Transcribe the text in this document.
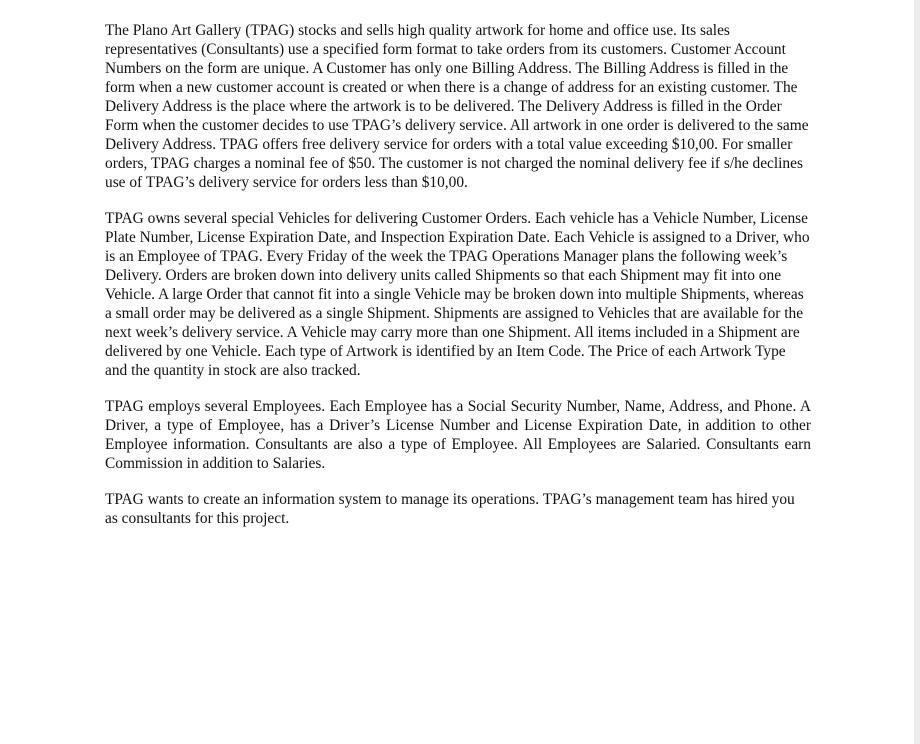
The Plano Art Gallery (TPAG) stocks and sells high quality artwork for home and office use. Its sales representatives (Consultants) use a specified form format to take orders from its customers. Customer Account Numbers on the form are unique. A Customer has only one Billing Address. The Billing Address is filled in the form when a new customer account is created or when there is a change of address for an existing customer. The Delivery Address is the place where the artwork is to be delivered. The Delivery Address is filled in the Order Form when the customer decides to use TPAG’s delivery service. All artwork in one order is delivered to the same Delivery Address. TPAG offers free delivery service for orders with a total value exceeding $10,00. For smaller orders, TPAG charges a nominal fee of $50. The customer is not charged the nominal delivery fee if s/he declines use of TPAG’s delivery service for orders less than $10,00.

TPAG owns several special Vehicles for delivering Customer Orders. Each vehicle has a Vehicle Number, License Plate Number, License Expiration Date, and Inspection Expiration Date. Each Vehicle is assigned to a Driver, who is an Employee of TPAG. Every Friday of the week the TPAG Operations Manager plans the following week’s Delivery. Orders are broken down into delivery units called Shipments so that each Shipment may fit into one Vehicle. A large Order that cannot fit into a single Vehicle may be broken down into multiple Shipments, whereas a small order may be delivered as a single Shipment. Shipments are assigned to Vehicles that are available for the next week’s delivery service. A Vehicle may carry more than one Shipment. All items included in a Shipment are delivered by one Vehicle. Each type of Artwork is identified by an Item Code. The Price of each Artwork Type and the quantity in stock are also tracked.

TPAG employs several Employees. Each Employee has a Social Security Number, Name, Address, and Phone. A Driver, a type of Employee, has a Driver’s License Number and License Expiration Date, in addition to other Employee information. Consultants are also a type of Employee. All Employees are Salaried. Consultants earn Commission in addition to Salaries.

TPAG wants to create an information system to manage its operations. TPAG’s management team has hired you as consultants for this project.
